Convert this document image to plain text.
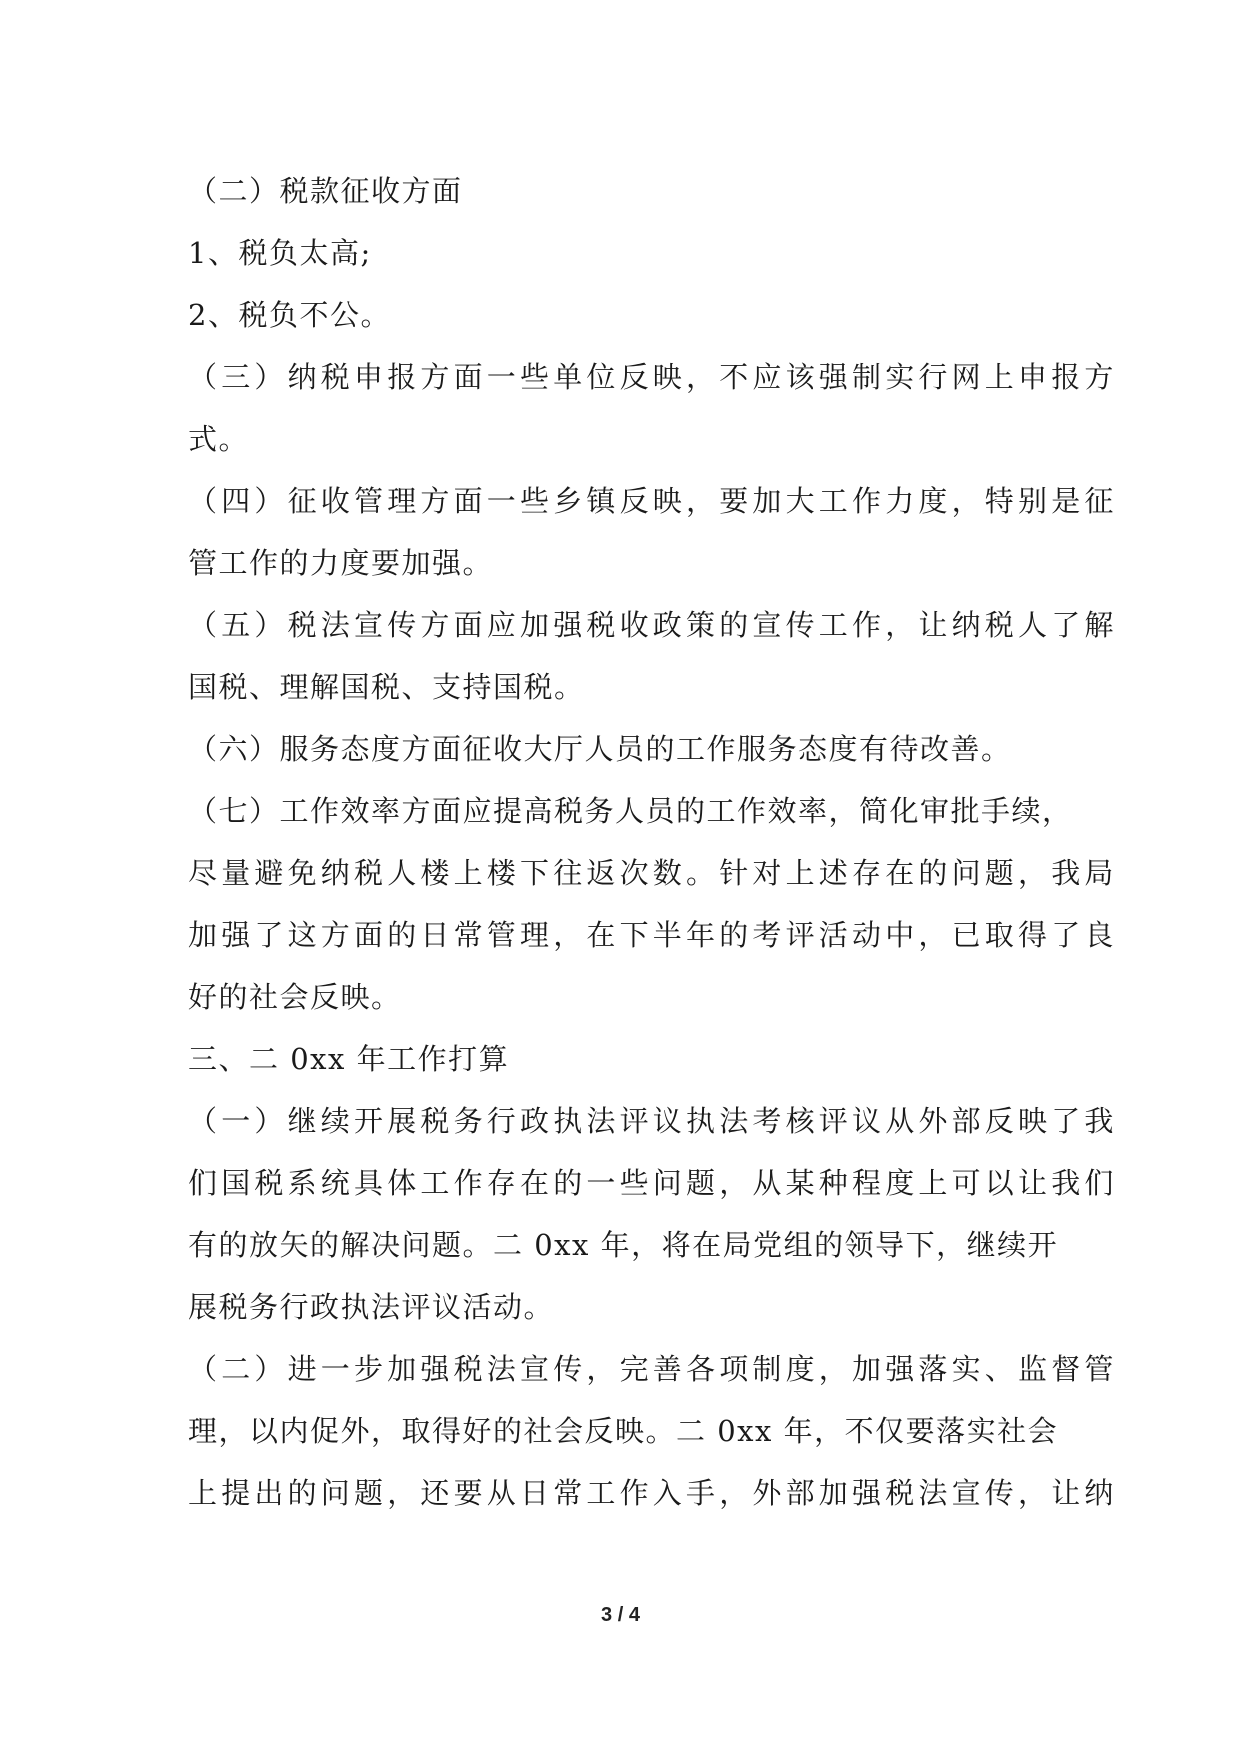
（二）税款征收方面
1、税负太高;
2、税负不公。
（三）纳税申报方面一些单位反映，不应该强制实行网上申报方
式。
（四）征收管理方面一些乡镇反映，要加大工作力度，特别是征
管工作的力度要加强。
（五）税法宣传方面应加强税收政策的宣传工作，让纳税人了解
国税、理解国税、支持国税。
（六）服务态度方面征收大厅人员的工作服务态度有待改善。
（七）工作效率方面应提高税务人员的工作效率，简化审批手续，
尽量避免纳税人楼上楼下往返次数。针对上述存在的问题，我局
加强了这方面的日常管理，在下半年的考评活动中，已取得了良
好的社会反映。
三、二 0xx 年工作打算
（一）继续开展税务行政执法评议执法考核评议从外部反映了我
们国税系统具体工作存在的一些问题，从某种程度上可以让我们
有的放矢的解决问题。二 0xx 年，将在局党组的领导下，继续开
展税务行政执法评议活动。
（二）进一步加强税法宣传，完善各项制度，加强落实、监督管
理，以内促外，取得好的社会反映。二 0xx 年，不仅要落实社会
上提出的问题，还要从日常工作入手，外部加强税法宣传，让纳
3 / 4
